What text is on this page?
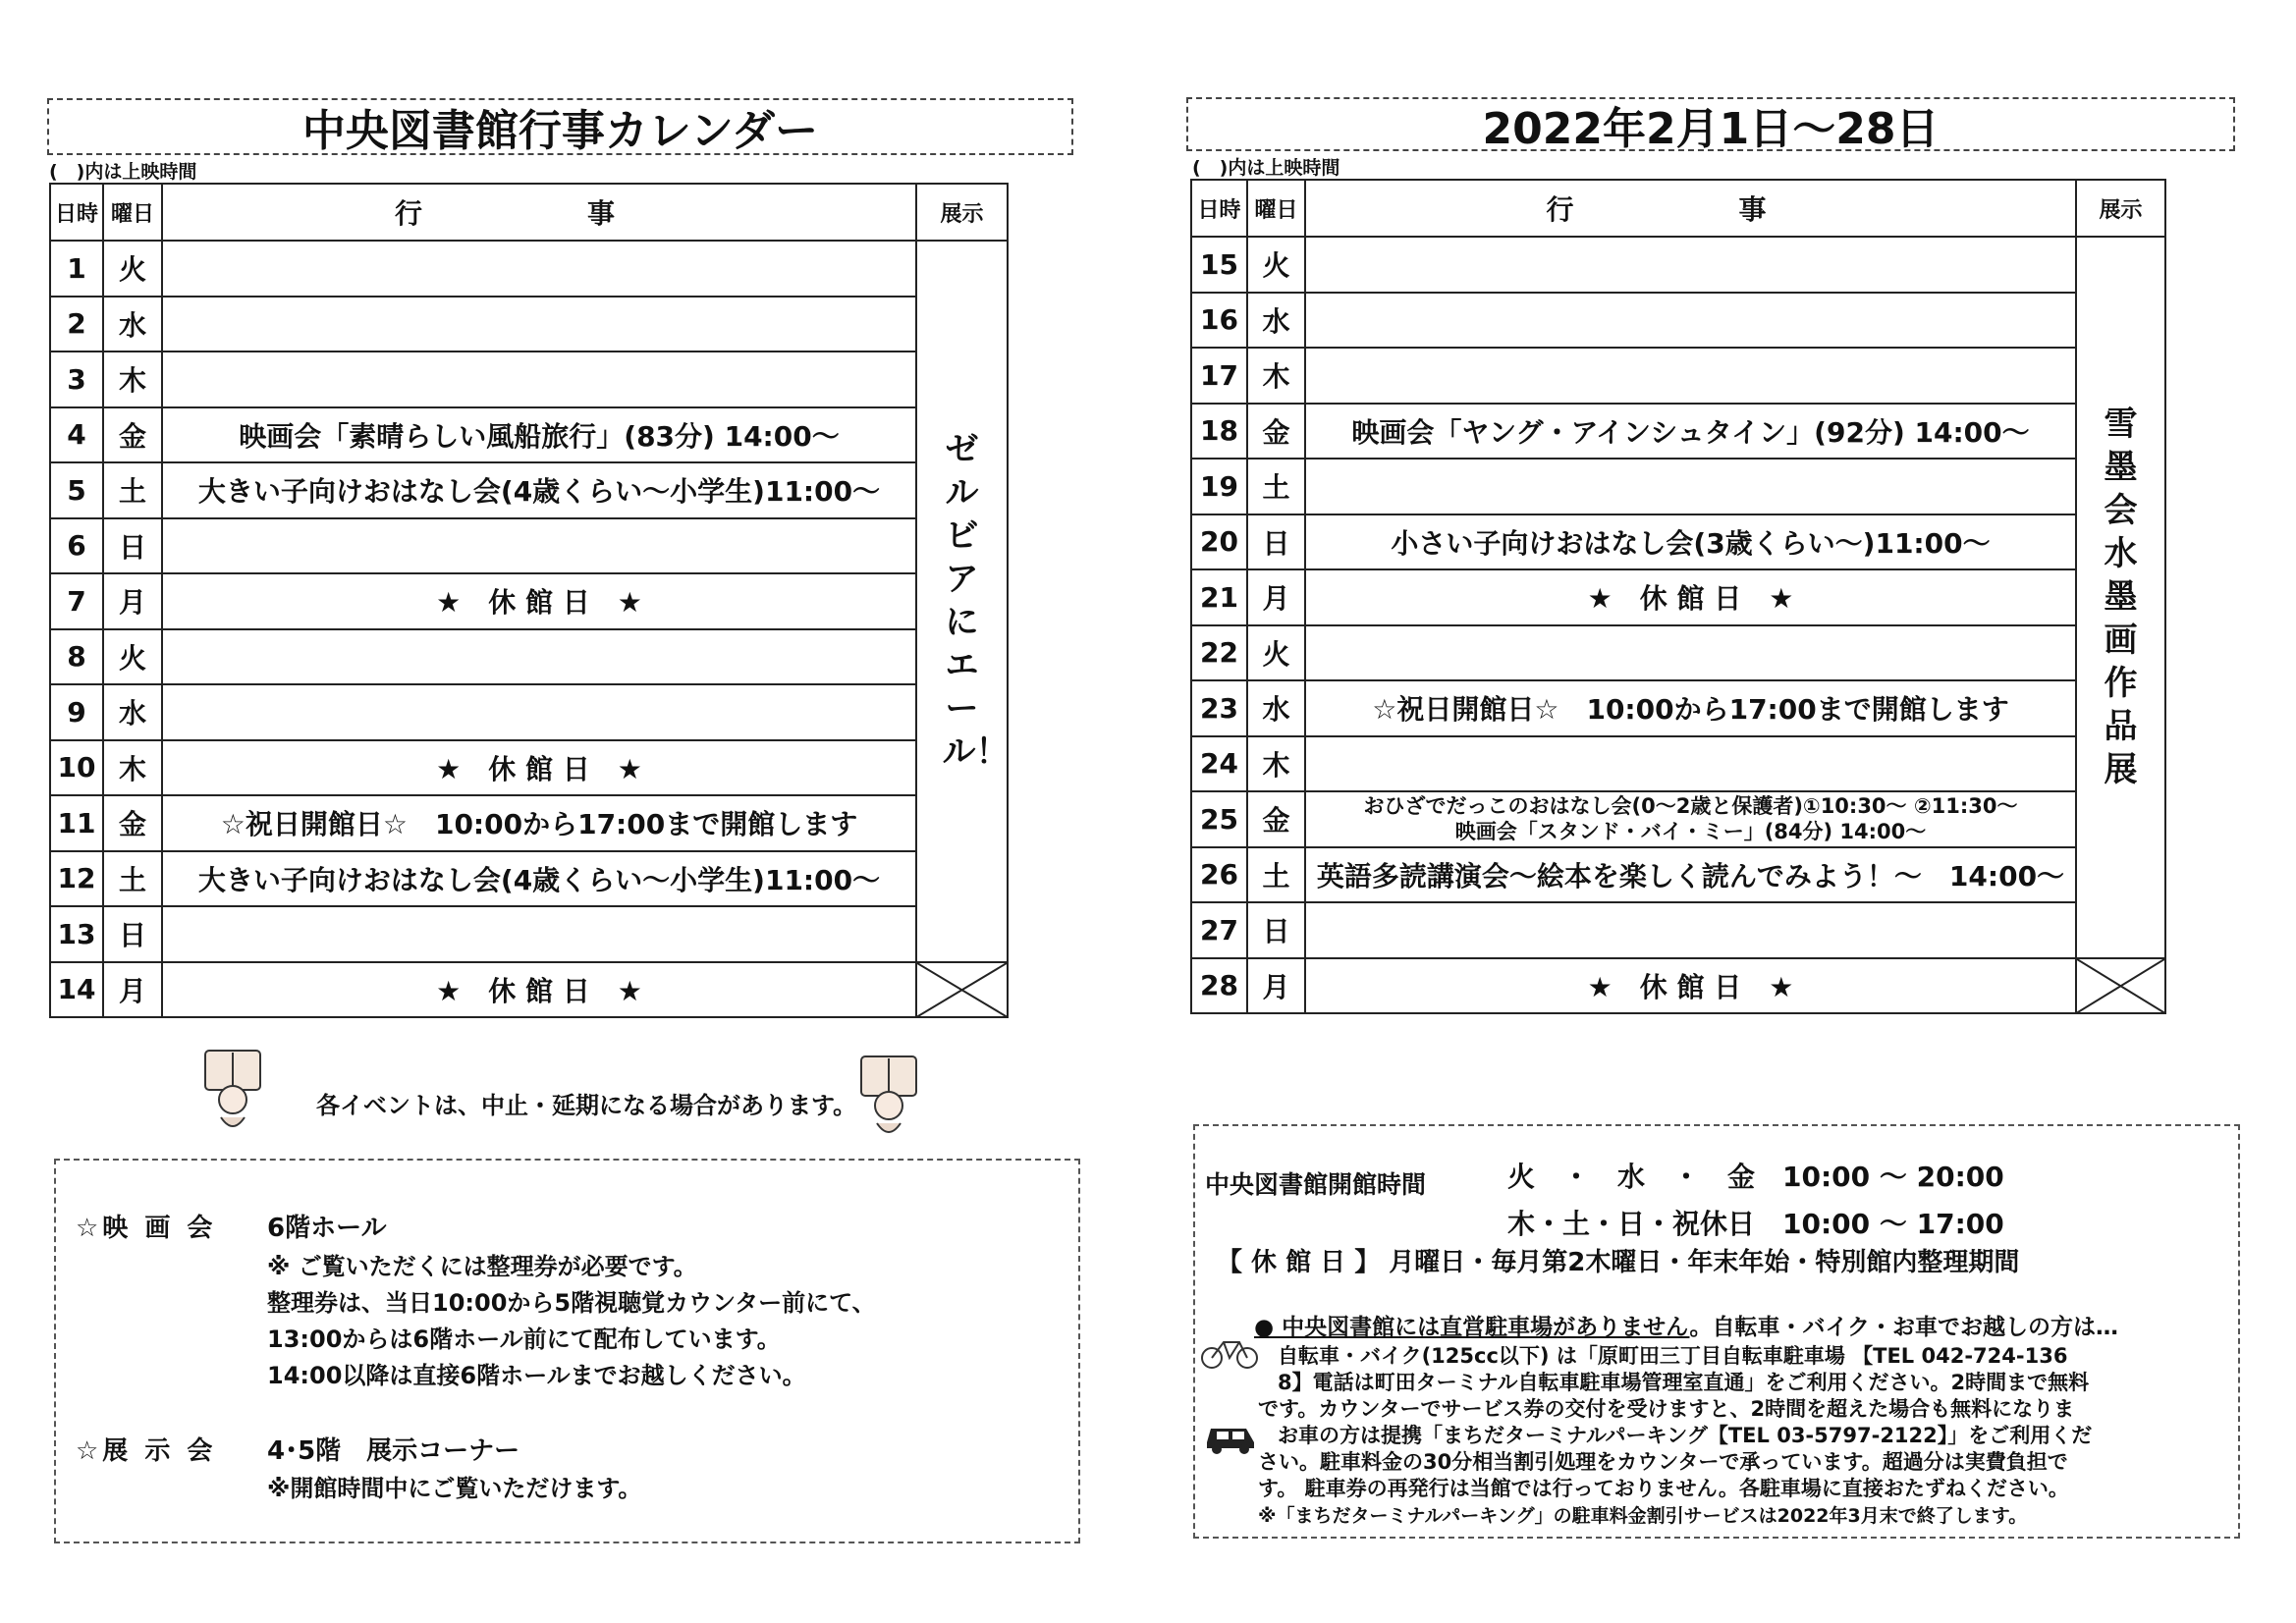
中央図書館行事カレンダー
(　)内は上映時間
日時	曜日	行　事	展示
1	火		ゼルビアにエール！
2	水		
3	木		
4	金	映画会「素晴らしい風船旅行」(83分) 14:00～	
5	土	大きい子向けおはなし会(4歳くらい～小学生)11:00～	
6	日		
7	月	★　休 館 日　★	
8	火		
9	水		
10	木	★　休 館 日　★	
11	金	☆祝日開館日☆　10:00から17:00まで開館します	
12	土	大きい子向けおはなし会(4歳くらい～小学生)11:00～	
13	日		
14	月	★　休 館 日　★	
2022年2月1日～28日
(　)内は上映時間
日時	曜日	行　事	展示
15	火		雪墨会 水墨画作品展
16	水		
17	木		
18	金	映画会「ヤング・アインシュタイン」(92分) 14:00～	
19	土		
20	日	小さい子向けおはなし会(3歳くらい～)11:00～	
21	月	★　休 館 日　★	
22	火		
23	水	☆祝日開館日☆　10:00から17:00まで開館します	
24	木		
25	金	おひざでだっこのおはなし会(0～2歳と保護者)①10:30～ ②11:30～
映画会「スタンド・バイ・ミー」(84分) 14:00～	

26	土	英語多読講演会～絵本を楽しく読んでみよう！～　14:00～	
27	日		
28	月	★　休 館 日　★	
各イベントは、中止・延期になる場合があります。
☆映 画 会 6階ホール
※ ご覧いただくには整理券が必要です。
整理券は、当日10:00から5階視聴覚カウンター前にて、
13:00からは6階ホール前にて配布しています。
14:00以降は直接6階ホールまでお越しください。
☆展 示 会 4･5階　展示コーナー
※開館時間中にご覧いただけます。
中央図書館開館時間	火　・　水　・　金　10:00 ～ 20:00
木・土・日・祝休日　10:00 ～ 17:00
【 休 館 日 】 月曜日・毎月第2木曜日・年末年始・特別館内整理期間
● 中央図書館には直営駐車場がありません。自転車・バイク・お車でお越しの方は…
自転車・バイク(125cc以下) は「原町田三丁目自転車駐車場 【TEL 042-724-136
8】電話は町田ターミナル自転車駐車場管理室直通」をご利用ください。2時間まで無料
です。カウンターでサービス券の交付を受けますと、2時間を超えた場合も無料になりま
お車の方は提携「まちだターミナルパーキング【TEL 03-5797-2122】」をご利用くだ
さい。駐車料金の30分相当割引処理をカウンターで承っています。超過分は実費負担で
す。 駐車券の再発行は当館では行っておりません。各駐車場に直接おたずねください。
※「まちだターミナルパーキング」の駐車料金割引サービスは2022年3月末で終了します。
